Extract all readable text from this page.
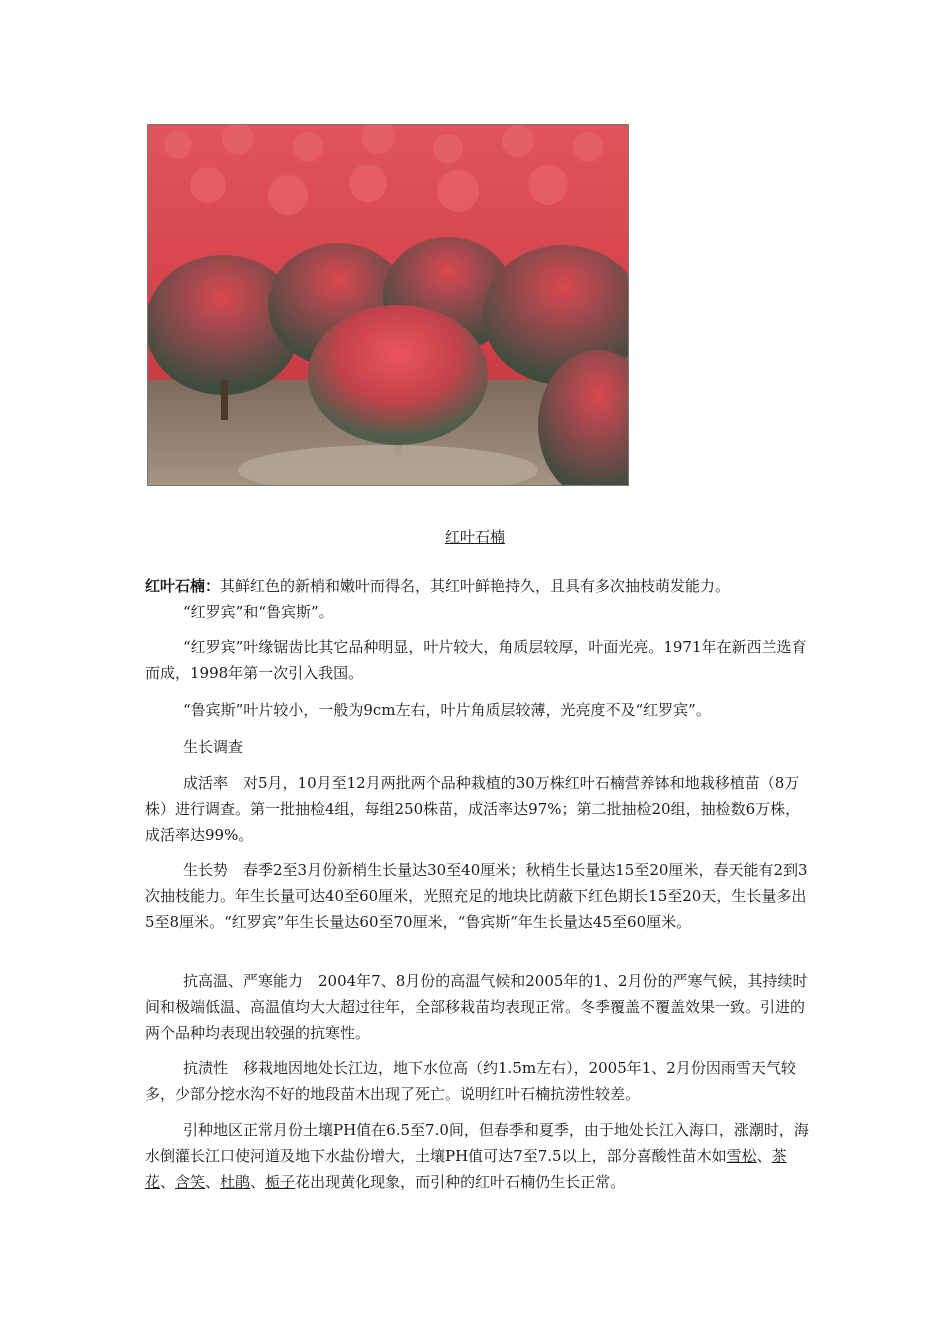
红叶石楠

红叶石楠：其鲜红色的新梢和嫩叶而得名，其红叶鲜艳持久，且具有多次抽枝萌发能力。

“红罗宾”和“鲁宾斯”。

“红罗宾”叶缘锯齿比其它品种明显，叶片较大，角质层较厚，叶面光亮。1971年在新西兰选育而成，1998年第一次引入我国。
“鲁宾斯”叶片较小，一般为9cm左右，叶片角质层较薄，光亮度不及“红罗宾”。
生长调查
成活率　对5月，10月至12月两批两个品种栽植的30万株红叶石楠营养钵和地栽移植苗（8万株）进行调查。第一批抽检4组，每组250株苗，成活率达97%；第二批抽检20组，抽检数6万株，成活率达99%。
生长势　春季2至3月份新梢生长量达30至40厘米；秋梢生长量达15至20厘米，春天能有2到3次抽枝能力。年生长量可达40至60厘米，光照充足的地块比荫蔽下红色期长15至20天，生长量多出5至8厘米。“红罗宾”年生长量达60至70厘米，“鲁宾斯”年生长量达45至60厘米。
抗高温、严寒能力　2004年7、8月份的高温气候和2005年的1、2月份的严寒气候，其持续时间和极端低温、高温值均大大超过往年，全部移栽苗均表现正常。冬季覆盖不覆盖效果一致。引进的两个品种均表现出较强的抗寒性。
抗渍性　移栽地因地处长江边，地下水位高（约1.5m左右），2005年1、2月份因雨雪天气较多，少部分挖水沟不好的地段苗木出现了死亡。说明红叶石楠抗涝性较差。
引种地区正常月份土壤PH值在6.5至7.0间，但春季和夏季，由于地处长江入海口，涨潮时，海水倒灌长江口使河道及地下水盐份增大，土壤PH值可达7至7.5以上，部分喜酸性苗木如雪松、茶花、含笑、杜鹃、栀子花出现黄化现象，而引种的红叶石楠仍生长正常。
